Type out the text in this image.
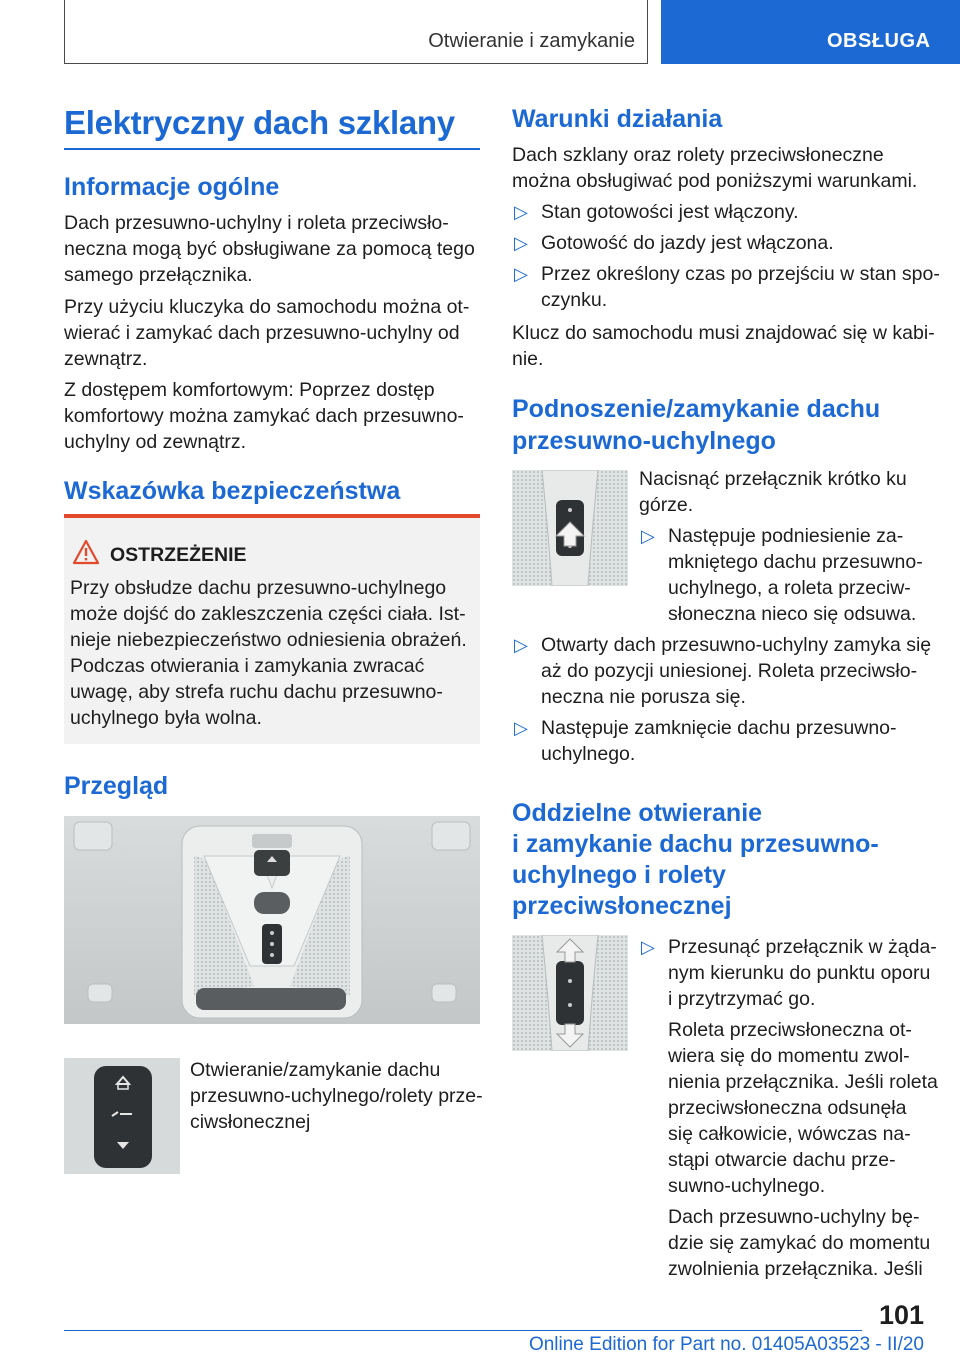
Otwieranie i zamykanie	OBSŁUGA
Elektryczny dach szklany
Informacje ogólne
Dach przesuwno-uchylny i roleta przeciwsło-
neczna mogą być obsługiwane za pomocą tego
samego przełącznika.
Przy użyciu kluczyka do samochodu można ot-
wierać i zamykać dach przesuwno-uchylny od
zewnątrz.
Z dostępem komfortowym: Poprzez dostęp
komfortowy można zamykać dach przesuwno-
uchylny od zewnątrz.
Wskazówka bezpieczeństwa
OSTRZEŻENIE
Przy obsłudze dachu przesuwno-uchylnego
może dojść do zakleszczenia części ciała. Ist-
nieje niebezpieczeństwo odniesienia obrażeń.
Podczas otwierania i zamykania zwracać
uwagę, aby strefa ruchu dachu przesuwno-
uchylnego była wolna.
Przegląd
Otwieranie/zamykanie dachu
przesuwno-uchylnego/rolety prze-
ciwsłonecznej
Warunki działania
Dach szklany oraz rolety przeciwsłoneczne
można obsługiwać pod poniższymi warunkami.
▷ Stan gotowości jest włączony.
▷ Gotowość do jazdy jest włączona.
▷ Przez określony czas po przejściu w stan spo-
czynku.
Klucz do samochodu musi znajdować się w kabi-
nie.
Podnoszenie/zamykanie dachu
przesuwno-uchylnego
Nacisnąć przełącznik krótko ku
górze.
▷ Następuje podniesienie za-
mkniętego dachu przesuwno-
uchylnego, a roleta przeciw-
słoneczna nieco się odsuwa.
▷ Otwarty dach przesuwno-uchylny zamyka się
aż do pozycji uniesionej. Roleta przeciwsło-
neczna nie porusza się.
▷ Następuje zamknięcie dachu przesuwno-
uchylnego.
Oddzielne otwieranie
i zamykanie dachu przesuwno-
uchylnego i rolety
przeciwsłonecznej
▷ Przesunąć przełącznik w żąda-
nym kierunku do punktu oporu
i przytrzymać go.
Roleta przeciwsłoneczna ot-
wiera się do momentu zwol-
nienia przełącznika. Jeśli roleta
przeciwsłoneczna odsunęła
się całkowicie, wówczas na-
stąpi otwarcie dachu prze-
suwno-uchylnego.
Dach przesuwno-uchylny bę-
dzie się zamykać do momentu
zwolnienia przełącznika. Jeśli
101
Online Edition for Part no. 01405A03523 - II/20
